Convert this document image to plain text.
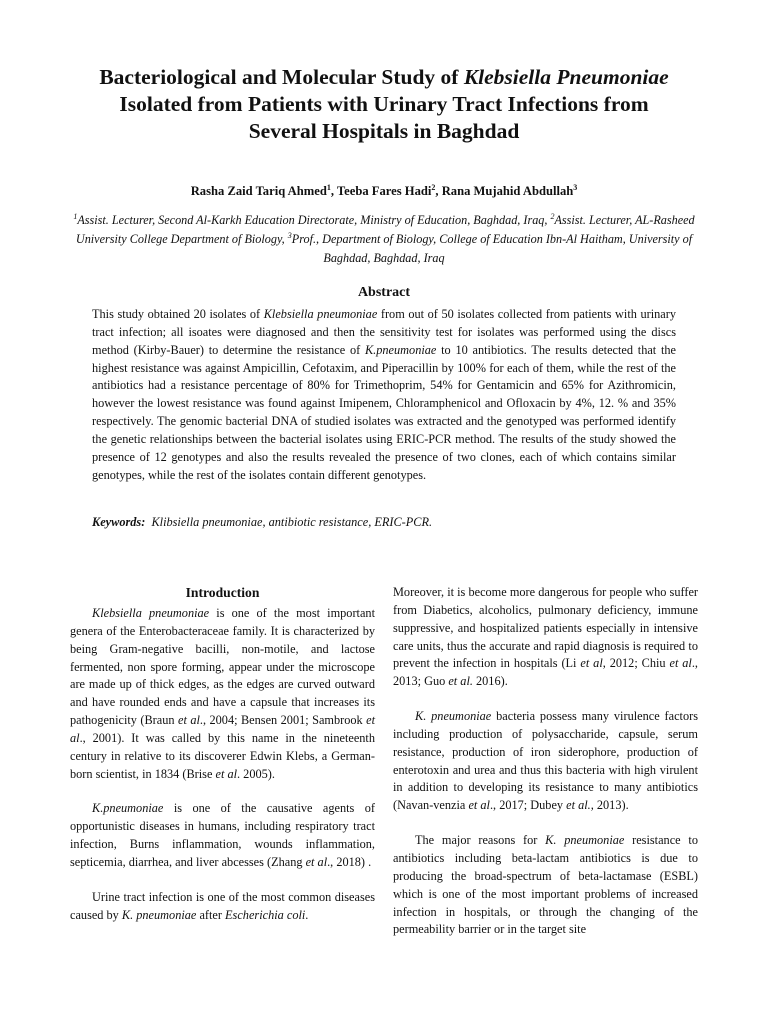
Bacteriological and Molecular Study of Klebsiella Pneumoniae
Isolated from Patients with Urinary Tract Infections from
Several Hospitals in Baghdad
Rasha Zaid Tariq Ahmed$^1$, Teeba Fares Hadi$^2$, Rana Mujahid Abdullah$^3$
$^1$Assist. Lecturer, Second Al-Karkh Education Directorate, Ministry of Education, Baghdad, Iraq, $^2$Assist. Lecturer, AL-Rasheed University College Department of Biology, $^3$Prof., Department of Biology, College of Education Ibn-Al Haitham, University of Baghdad, Baghdad, Iraq
Abstract
This study obtained 20 isolates of Klebsiella pneumoniae from out of 50 isolates collected from patients with urinary tract infection; all isoates were diagnosed and then the sensitivity test for isolates was performed using the discs method (Kirby-Bauer) to determine the resistance of K.pneumoniae to 10 antibiotics. The results detected that the highest resistance was against Ampicillin, Cefotaxim, and Piperacillin by 100% for each of them, while the rest of the antibiotics had a resistance percentage of 80% for Trimethoprim, 54% for Gentamicin and 65% for Azithromicin, however the lowest resistance was found against Imipenem, Chloramphenicol and Ofloxacin by 4%, 12. % and 35% respectively. The genomic bacterial DNA of studied isolates was extracted and the genotyped was performed identify the genetic relationships between the bacterial isolates using ERIC-PCR method. The results of the study showed the presence of 12 genotypes and also the results revealed the presence of two clones, each of which contains similar genotypes, while the rest of the isolates contain different genotypes.
Keywords: Klibsiella pneumoniae, antibiotic resistance, ERIC-PCR.
Introduction

Klebsiella pneumoniae is one of the most important genera of the Enterobacteraceae family. It is characterized by being Gram-negative bacilli, non-motile, and lactose fermented, non spore forming, appear under the microscope are made up of thick edges, as the edges are curved outward and have rounded ends and have a capsule that increases its pathogenicity (Braun et al., 2004; Bensen 2001; Sambrook et al., 2001). It was called by this name in the nineteenth century in relative to its discoverer Edwin Klebs, a German-born scientist, in 1834 (Brise et al. 2005).

K.pneumoniae is one of the causative agents of opportunistic diseases in humans, including respiratory tract infection, Burns inflammation, wounds inflammation, septicemia, diarrhea, and liver abcesses (Zhang et al., 2018) .

Urine tract infection is one of the most common diseases caused by K. pneumoniae after Escherichia coli.

Moreover, it is become more dangerous for people who suffer from Diabetics, alcoholics, pulmonary deficiency, immune suppressive, and hospitalized patients especially in intensive care units, thus the accurate and rapid diagnosis is required to prevent the infection in hospitals (Li et al, 2012; Chiu et al., 2013; Guo et al. 2016).

K. pneumoniae bacteria possess many virulence factors including production of polysaccharide, capsule, serum resistance, production of iron siderophore, production of enterotoxin and urea and thus this bacteria with high virulent in addition to developing its resistance to many antibiotics (Navan-venzia et al., 2017; Dubey et al., 2013).

The major reasons for K. pneumoniae resistance to antibiotics including beta-lactam antibiotics is due to producing the broad-spectrum of beta-lactamase (ESBL) which is one of the most important problems of increased infection in hospitals, or through the changing of the permeability barrier or in the target site
